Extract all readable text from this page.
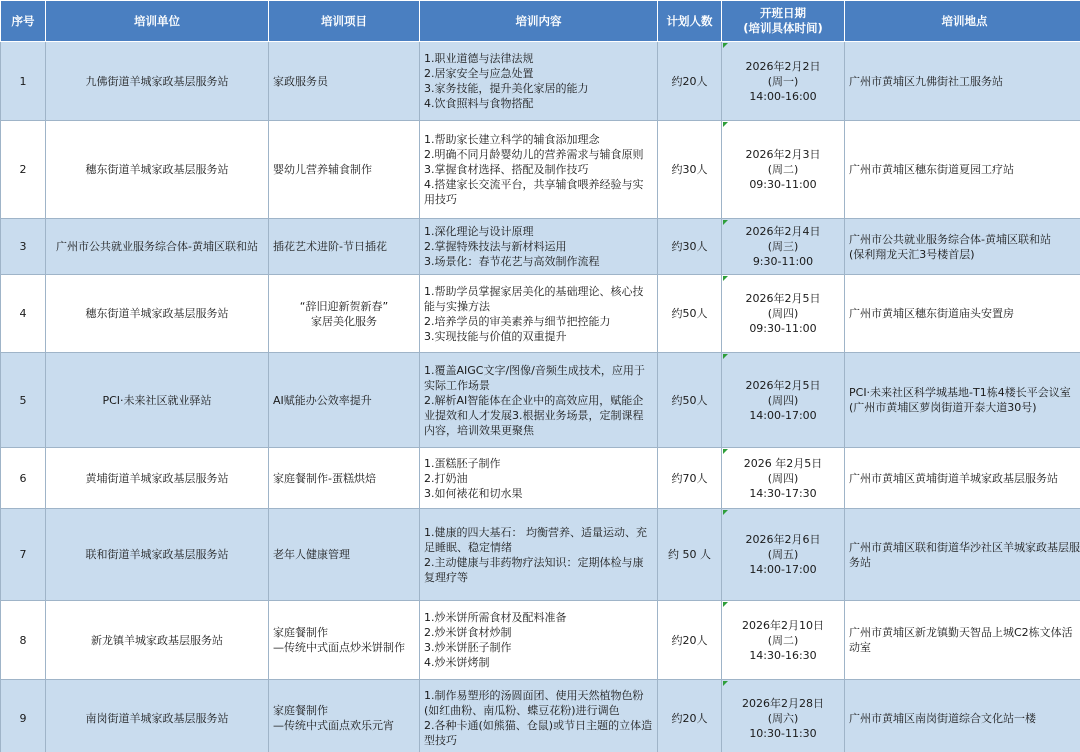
序号	培训单位	培训项目	培训内容	计划人数	开班日期
(培训具体时间)	培训地点
1	九佛街道羊城家政基层服务站	家政服务员	1.职业道德与法律法规
2.居家安全与应急处置
3.家务技能，提升美化家居的能力
4.饮食照料与食物搭配	约20人	2026年2月2日
(周一)
14:00-16:00	广州市黄埔区九佛街社工服务站

2	穗东街道羊城家政基层服务站	婴幼儿营养辅食制作	1.帮助家长建立科学的辅食添加理念
2.明确不同月龄婴幼儿的营养需求与辅食原则
3.掌握食材选择、搭配及制作技巧
4.搭建家长交流平台，共享辅食喂养经验与实用技巧	约30人	2026年2月3日
(周二)
09:30-11:00	广州市黄埔区穗东街道夏园工疗站

3	广州市公共就业服务综合体-黄埔区联和站	插花艺术进阶-节日插花	1.深化理论与设计原理
2.掌握特殊技法与新材料运用
3.场景化：春节花艺与高效制作流程	约30人	2026年2月4日
(周三)
9:30-11:00	广州市公共就业服务综合体-黄埔区联和站
(保利翔龙天汇3号楼首层)

4	穗东街道羊城家政基层服务站	“辞旧迎新贺新春”
家居美化服务	1.帮助学员掌握家居美化的基础理论、核心技能与实操方法
2.培养学员的审美素养与细节把控能力
3.实现技能与价值的双重提升	约50人	2026年2月5日
(周四)
09:30-11:00	广州市黄埔区穗东街道庙头安置房

5	PCI·未来社区就业驿站	AI赋能办公效率提升	1.覆盖AIGC文字/图像/音频生成技术，应用于实际工作场景
2.解析AI智能体在企业中的高效应用，赋能企业提效和人才发展3.根据业务场景，定制课程内容，培训效果更聚焦	约50人	2026年2月5日
(周四)
14:00-17:00	PCI·未来社区科学城基地-T1栋4楼长平会议室
(广州市黄埔区萝岗街道开泰大道30号)

6	黄埔街道羊城家政基层服务站	家庭餐制作-蛋糕烘焙	1.蛋糕胚子制作
2.打奶油
3.如何裱花和切水果	约70人	2026 年2月5日
(周四)
14:30-17:30	广州市黄埔区黄埔街道羊城家政基层服务站

7	联和街道羊城家政基层服务站	老年人健康管理	1.健康的四大基石： 均衡营养、适量运动、充足睡眠、稳定情绪
2.主动健康与非药物疗法知识：定期体检与康复理疗等	约 50 人	2026年2月6日
(周五)
14:00-17:00	广州市黄埔区联和街道华沙社区羊城家政基层服务站

8	新龙镇羊城家政基层服务站	家庭餐制作
—传统中式面点炒米饼制作	1.炒米饼所需食材及配料准备
2.炒米饼食材炒制
3.炒米饼胚子制作
4.炒米饼烤制	约20人	2026年2月10日
(周二)
14:30-16:30	广州市黄埔区新龙镇勤天智品上城C2栋文体活动室

9	南岗街道羊城家政基层服务站	家庭餐制作
—传统中式面点欢乐元宵	1.制作易塑形的汤圆面团、使用天然植物色粉(如红曲粉、南瓜粉、蝶豆花粉)进行调色
2.各种卡通(如熊猫、仓鼠)或节日主题的立体造型技巧	约20人	2026年2月28日
(周六)
10:30-11:30	广州市黄埔区南岗街道综合文化站一楼
